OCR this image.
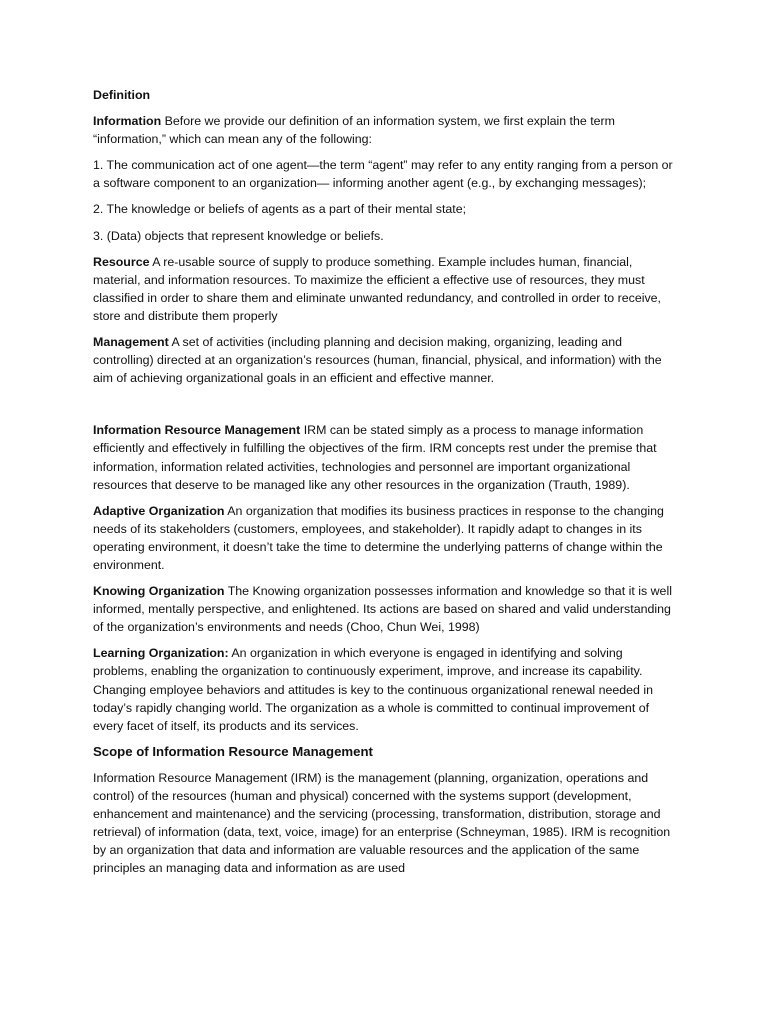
Definition

Information Before we provide our definition of an information system, we first explain the term “information,” which can mean any of the following:

1. The communication act of one agent—the term “agent” may refer to any entity ranging from a person or a software component to an organization— informing another agent (e.g., by exchanging messages);

2. The knowledge or beliefs of agents as a part of their mental state;

3. (Data) objects that represent knowledge or beliefs.

Resource A re-usable source of supply to produce something. Example includes human, financial, material, and information resources. To maximize the efficient a effective use of resources, they must classified in order to share them and eliminate unwanted redundancy, and controlled in order to receive, store and distribute them properly

Management A set of activities (including planning and decision making, organizing, leading and controlling) directed at an organization’s resources (human, financial, physical, and information) with the aim of achieving organizational goals in an efficient and effective manner.

Information Resource Management IRM can be stated simply as a process to manage information efficiently and effectively in fulfilling the objectives of the firm. IRM concepts rest under the premise that information, information related activities, technologies and personnel are important organizational resources that deserve to be managed like any other resources in the organization (Trauth, 1989).

Adaptive Organization An organization that modifies its business practices in response to the changing needs of its stakeholders (customers, employees, and stakeholder). It rapidly adapt to changes in its operating environment, it doesn’t take the time to determine the underlying patterns of change within the environment.

Knowing Organization The Knowing organization possesses information and knowledge so that it is well informed, mentally perspective, and enlightened. Its actions are based on shared and valid understanding of the organization’s environments and needs (Choo, Chun Wei, 1998)

Learning Organization: An organization in which everyone is engaged in identifying and solving problems, enabling the organization to continuously experiment, improve, and increase its capability. Changing employee behaviors and attitudes is key to the continuous organizational renewal needed in today’s rapidly changing world. The organization as a whole is committed to continual improvement of every facet of itself, its products and its services.

Scope of Information Resource Management

Information Resource Management (IRM) is the management (planning, organization, operations and control) of the resources (human and physical) concerned with the systems support (development, enhancement and maintenance) and the servicing (processing, transformation, distribution, storage and retrieval) of information (data, text, voice, image) for an enterprise (Schneyman, 1985). IRM is recognition by an organization that data and information are valuable resources and the application of the same principles an managing data and information as are used
